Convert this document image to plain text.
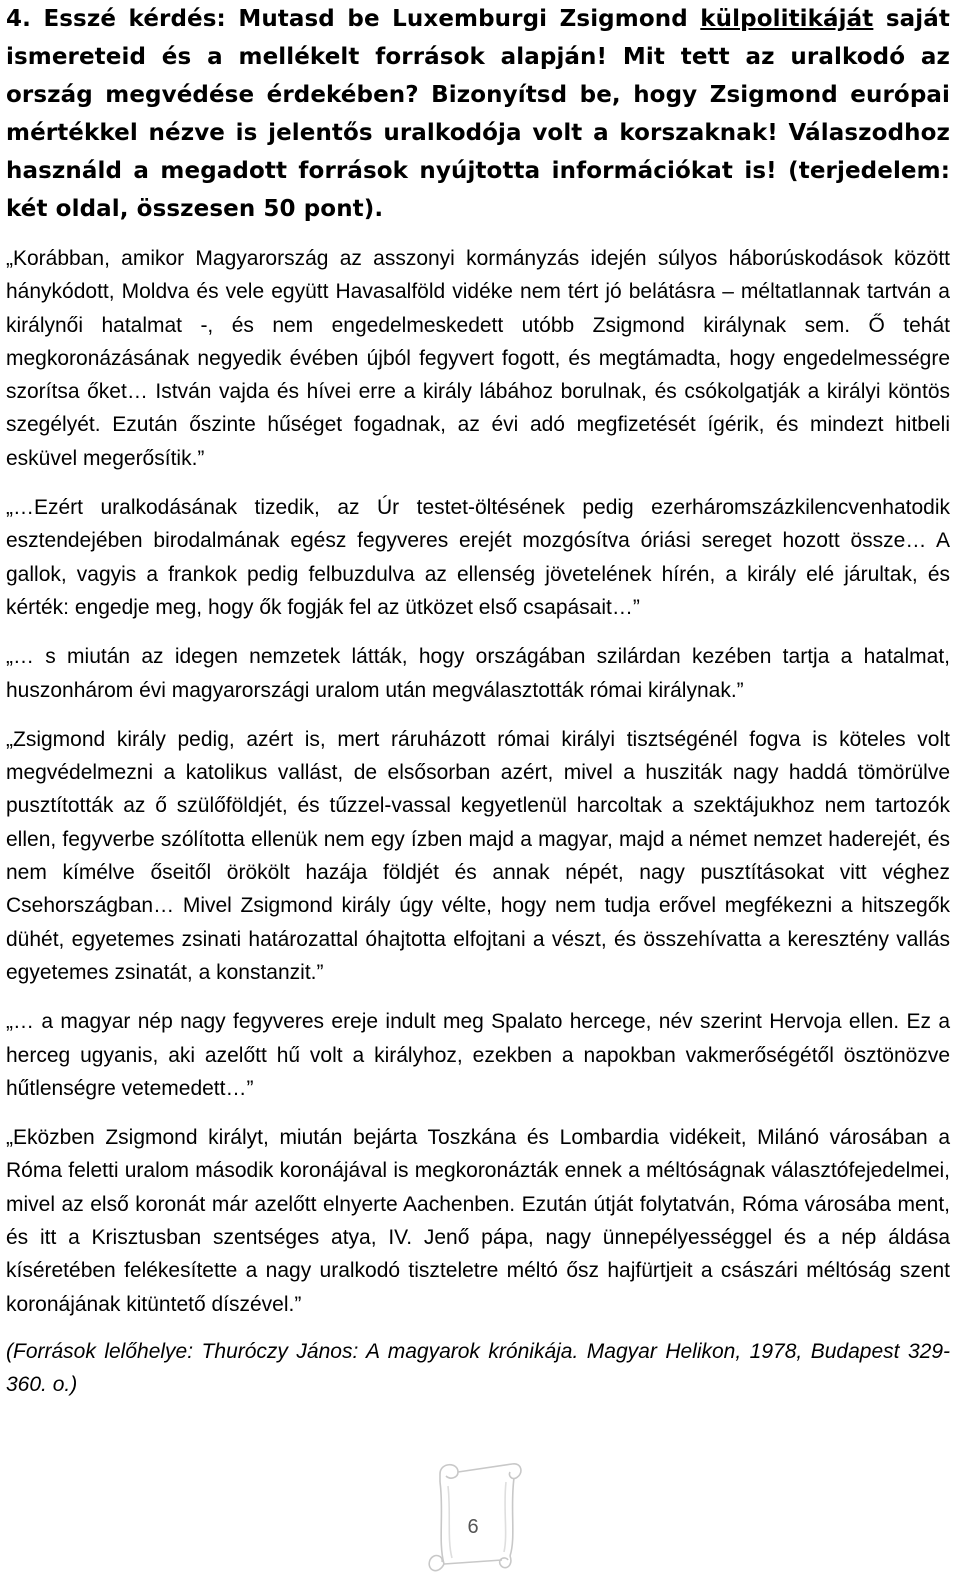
4. Esszé kérdés: Mutasd be Luxemburgi Zsigmond külpolitikáját saját ismereteid és a mellékelt források alapján! Mit tett az uralkodó az ország megvédése érdekében? Bizonyítsd be, hogy Zsigmond európai mértékkel nézve is jelentős uralkodója volt a korszaknak! Válaszodhoz használd a megadott források nyújtotta információkat is! (terjedelem: két oldal, összesen 50 pont).

„Korábban, amikor Magyarország az asszonyi kormányzás idején súlyos háborúskodások között hánykódott, Moldva és vele együtt Havasalföld vidéke nem tért jó belátásra – méltatlannak tartván a királynői hatalmat -, és nem engedelmeskedett utóbb Zsigmond királynak sem. Ő tehát megkoronázásának negyedik évében újból fegyvert fogott, és megtámadta, hogy engedelmességre szorítsa őket… István vajda és hívei erre a király lábához borulnak, és csókolgatják a királyi köntös szegélyét. Ezután őszinte hűséget fogadnak, az évi adó megfizetését ígérik, és mindezt hitbeli esküvel megerősítik.”

„…Ezért uralkodásának tizedik, az Úr testet-öltésének pedig ezerháromszázkilencvenhatodik esztendejében birodalmának egész fegyveres erejét mozgósítva óriási sereget hozott össze… A gallok, vagyis a frankok pedig felbuzdulva az ellenség jövetelének hírén, a király elé járultak, és kérték: engedje meg, hogy ők fogják fel az ütközet első csapásait…”

„… s miután az idegen nemzetek látták, hogy országában szilárdan kezében tartja a hatalmat, huszonhárom évi magyarországi uralom után megválasztották római királynak.”

„Zsigmond király pedig, azért is, mert ráruházott római királyi tisztségénél fogva is köteles volt megvédelmezni a katolikus vallást, de elsősorban azért, mivel a husziták nagy haddá tömörülve pusztították az ő szülőföldjét, és tűzzel-vassal kegyetlenül harcoltak a szektájukhoz nem tartozók ellen, fegyverbe szólította ellenük nem egy ízben majd a magyar, majd a német nemzet haderejét, és nem kímélve őseitől örökölt hazája földjét és annak népét, nagy pusztításokat vitt véghez Csehországban… Mivel Zsigmond király úgy vélte, hogy nem tudja erővel megfékezni a hitszegők dühét, egyetemes zsinati határozattal óhajtotta elfojtani a vészt, és összehívatta a keresztény vallás egyetemes zsinatát, a konstanzit.”

„… a magyar nép nagy fegyveres ereje indult meg Spalato hercege, név szerint Hervoja ellen. Ez a herceg ugyanis, aki azelőtt hű volt a királyhoz, ezekben a napokban vakmerőségétől ösztönözve hűtlenségre vetemedett…”

„Eközben Zsigmond királyt, miután bejárta Toszkána és Lombardia vidékeit, Milánó városában a Róma feletti uralom második koronájával is megkoronázták ennek a méltóságnak választófejedelmei, mivel az első koronát már azelőtt elnyerte Aachenben. Ezután útját folytatván, Róma városába ment, és itt a Krisztusban szentséges atya, IV. Jenő pápa, nagy ünnepélyességgel és a nép áldása kíséretében felékesítette a nagy uralkodó tiszteletre méltó ősz hajfürtjeit a császári méltóság szent koronájának kitüntető díszével.”

(Források lelőhelye: Thuróczy János: A magyarok krónikája. Magyar Helikon, 1978, Budapest 329-360. o.)

6
